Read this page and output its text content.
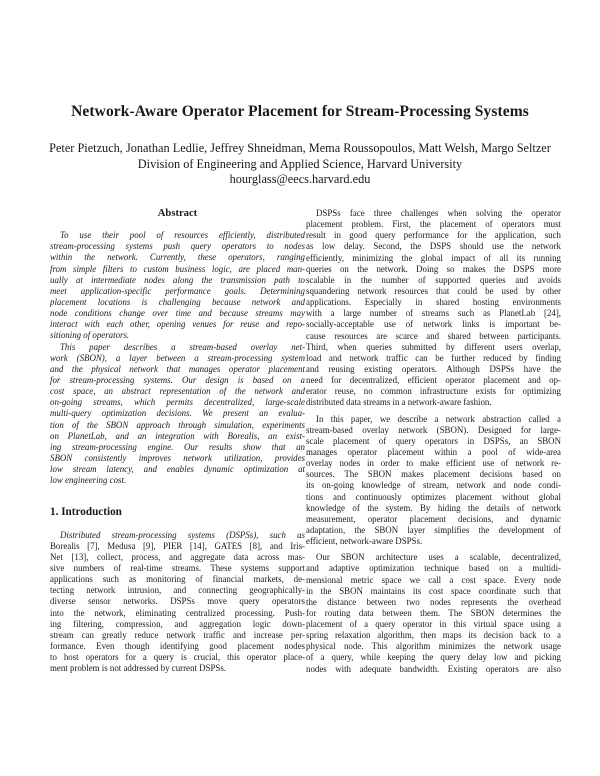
Network-Aware Operator Placement for Stream-Processing Systems
Peter Pietzuch, Jonathan Ledlie, Jeffrey Shneidman, Mema Roussopoulos, Matt Welsh, Margo Seltzer
Division of Engineering and Applied Science, Harvard University
hourglass@eecs.harvard.edu
Abstract
To use their pool of resources efficiently, distributed
stream-processing systems push query operators to nodes
within the network. Currently, these operators, ranging
from simple filters to custom business logic, are placed man-
ually at intermediate nodes along the transmission path to
meet application-specific performance goals. Determining
placement locations is challenging because network and
node conditions change over time and because streams may
interact with each other, opening venues for reuse and repo-
sitioning of operators.
This paper describes a stream-based overlay net-
work (SBON), a layer between a stream-processing system
and the physical network that manages operator placement
for stream-processing systems. Our design is based on a
cost space, an abstract representation of the network and
on-going streams, which permits decentralized, large-scale
multi-query optimization decisions. We present an evalua-
tion of the SBON approach through simulation, experiments
on PlanetLab, and an integration with Borealis, an exist-
ing stream-processing engine. Our results show that an
SBON consistently improves network utilization, provides
low stream latency, and enables dynamic optimization at
low engineering cost.
1. Introduction
Distributed stream-processing systems (DSPSs), such as
Borealis [7], Medusa [9], PIER [14], GATES [8], and Iris-
Net [13], collect, process, and aggregate data across mas-
sive numbers of real-time streams. These systems support
applications such as monitoring of financial markets, de-
tecting network intrusion, and connecting geographically-
diverse sensor networks. DSPSs move query operators
into the network, eliminating centralized processing. Push-
ing filtering, compression, and aggregation logic down-
stream can greatly reduce network traffic and increase per-
formance. Even though identifying good placement nodes
to host operators for a query is crucial, this operator place-
ment problem is not addressed by current DSPSs.
DSPSs face three challenges when solving the operator
placement problem. First, the placement of operators must
result in good query performance for the application, such
as low delay. Second, the DSPS should use the network
efficiently, minimizing the global impact of all its running
queries on the network. Doing so makes the DSPS more
scalable in the number of supported queries and avoids
squandering network resources that could be used by other
applications. Especially in shared hosting environments
with a large number of streams such as PlanetLab [24],
socially-acceptable use of network links is important be-
cause resources are scarce and shared between participants.
Third, when queries submitted by different users overlap,
load and network traffic can be further reduced by finding
and reusing existing operators. Although DSPSs have the
need for decentralized, efficient operator placement and op-
erator reuse, no common infrastructure exists for optimizing
distributed data streams in a network-aware fashion.
In this paper, we describe a network abstraction called a
stream-based overlay network (SBON). Designed for large-
scale placement of query operators in DSPSs, an SBON
manages operator placement within a pool of wide-area
overlay nodes in order to make efficient use of network re-
sources. The SBON makes placement decisions based on
its on-going knowledge of stream, network and node condi-
tions and continuously optimizes placement without global
knowledge of the system. By hiding the details of network
measurement, operator placement decisions, and dynamic
adaptation, the SBON layer simplifies the development of
efficient, network-aware DSPSs.
Our SBON architecture uses a scalable, decentralized,
and adaptive optimization technique based on a multidi-
mensional metric space we call a cost space. Every node
in the SBON maintains its cost space coordinate such that
the distance between two nodes represents the overhead
for routing data between them. The SBON determines the
placement of a query operator in this virtual space using a
spring relaxation algorithm, then maps its decision back to a
physical node. This algorithm minimizes the network usage
of a query, while keeping the query delay low and picking
nodes with adequate bandwidth. Existing operators are also
